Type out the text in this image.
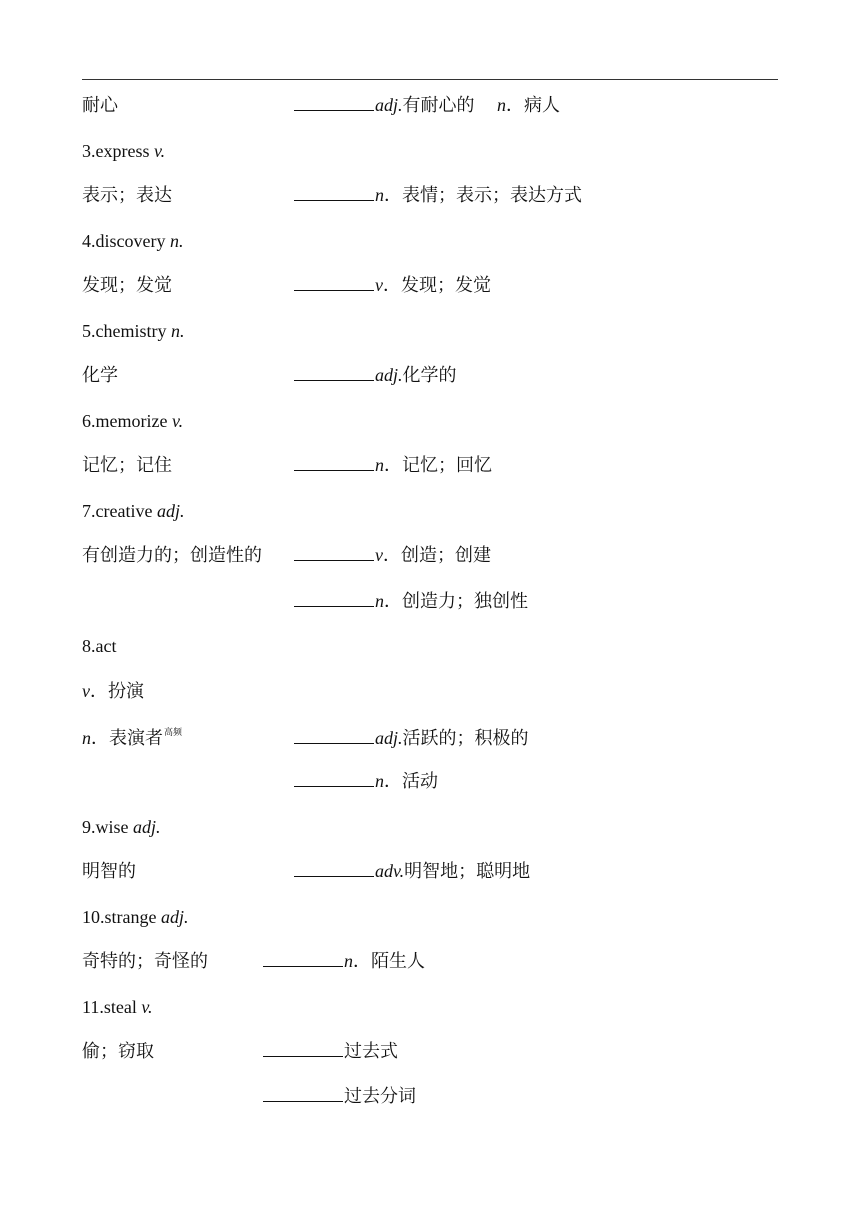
耐心	adj.有耐心的 n．病人
3.express v.
表示；表达	n．表情；表示；表达方式
4.discovery n.
发现；发觉	v．发现；发觉
5.chemistry n.
化学	adj.化学的
6.memorize v.
记忆；记住	n．记忆；回忆
7.creative adj.
有创造力的；创造性的	v．创造；创建
n．创造力；独创性
8.act
v．扮演
n．表演者$^{高频}$	adj.活跃的；积极的
n．活动
9.wise adj.
明智的	adv.明智地；聪明地
10.strange adj.
奇特的；奇怪的	n．陌生人
11.steal v.
偷；窃取	过去式
过去分词
